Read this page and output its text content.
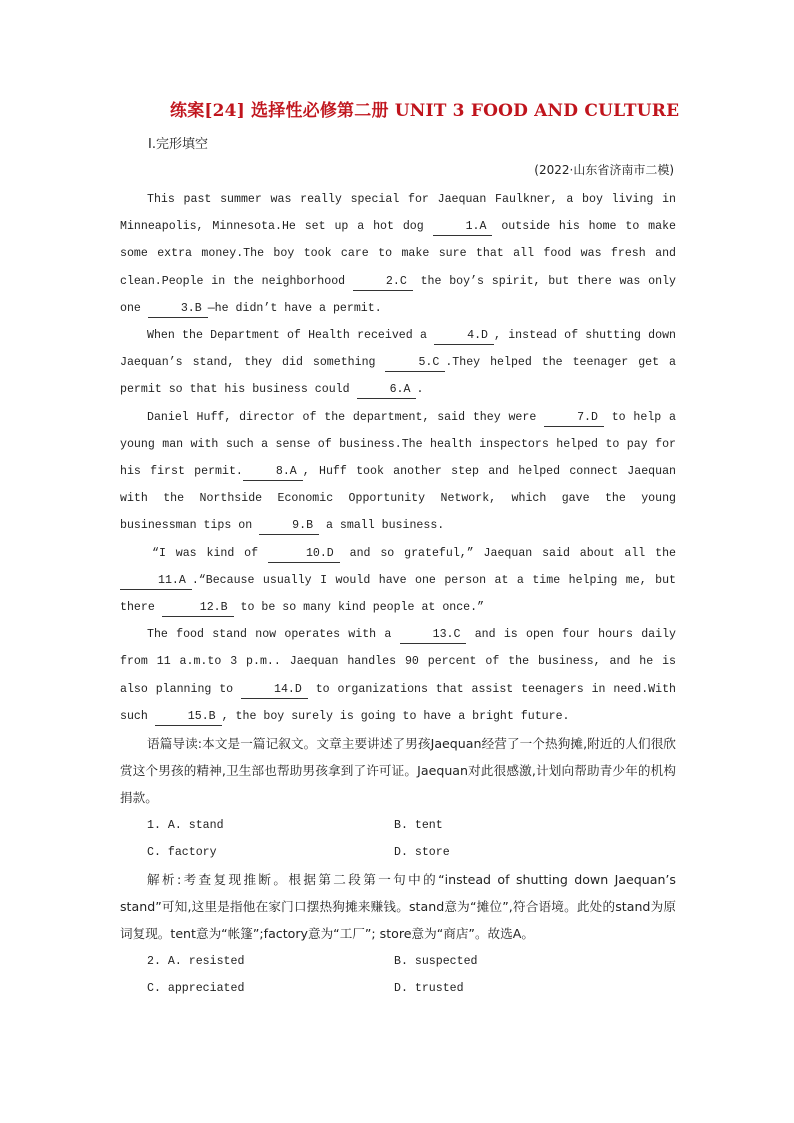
练案[24] 选择性必修第二册 UNIT 3 FOOD AND CULTURE
Ⅰ.完形填空
(2022·山东省济南市二模)

This past summer was really special for Jaequan Faulkner, a boy living in Minneapolis, Minnesota.He set up a hot dog	1.A outside his home to make some extra money.The boy took care to make sure that all food was fresh and clean.People in the neighborhood	2.C the boy’s spirit, but there was only one	3.B —he didn’t have a permit.

When the Department of Health received a	4.D , instead of shutting down Jaequan’s stand, they did something	5.C .They helped the teenager get a permit so that his business could	6.A .

Daniel Huff, director of the department, said they were	7.D to help a young man with such a sense of business.The health inspectors helped to pay for his first permit.	8.A , Huff took another step and helped connect Jaequan with the Northside Economic Opportunity Network, which gave the young businessman tips on	9.B a small business.

“I was kind of	10.D and so grateful,” Jaequan said about all the 11.A .“Because usually I would have one person at a time helping me, but there	12.B to be so many kind people at once.”

The food stand now operates with a	13.C and is open four hours daily from 11 a.m.to 3 p.m.. Jaequan handles 90 percent of the business, and he is also planning to	14.D to organizations that assist teenagers in need.With such	15.B , the boy surely is going to have a bright future.

语篇导读:本文是一篇记叙文。文章主要讲述了男孩Jaequan经营了一个热狗摊,附近的人们很欣赏这个男孩的精神,卫生部也帮助男孩拿到了许可证。Jaequan对此很感激,计划向帮助青少年的机构捐款。

1. A. stand	B. tent
C. factory	D. store

解析:考查复现推断。根据第二段第一句中的“instead of shutting down Jaequan’s stand”可知,这里是指他在家门口摆热狗摊来赚钱。stand意为“摊位”,符合语境。此处的stand为原词复现。tent意为“帐篷”;factory意为“工厂”; store意为“商店”。故选A。

2. A. resisted	B. suspected
C. appreciated	D. trusted
